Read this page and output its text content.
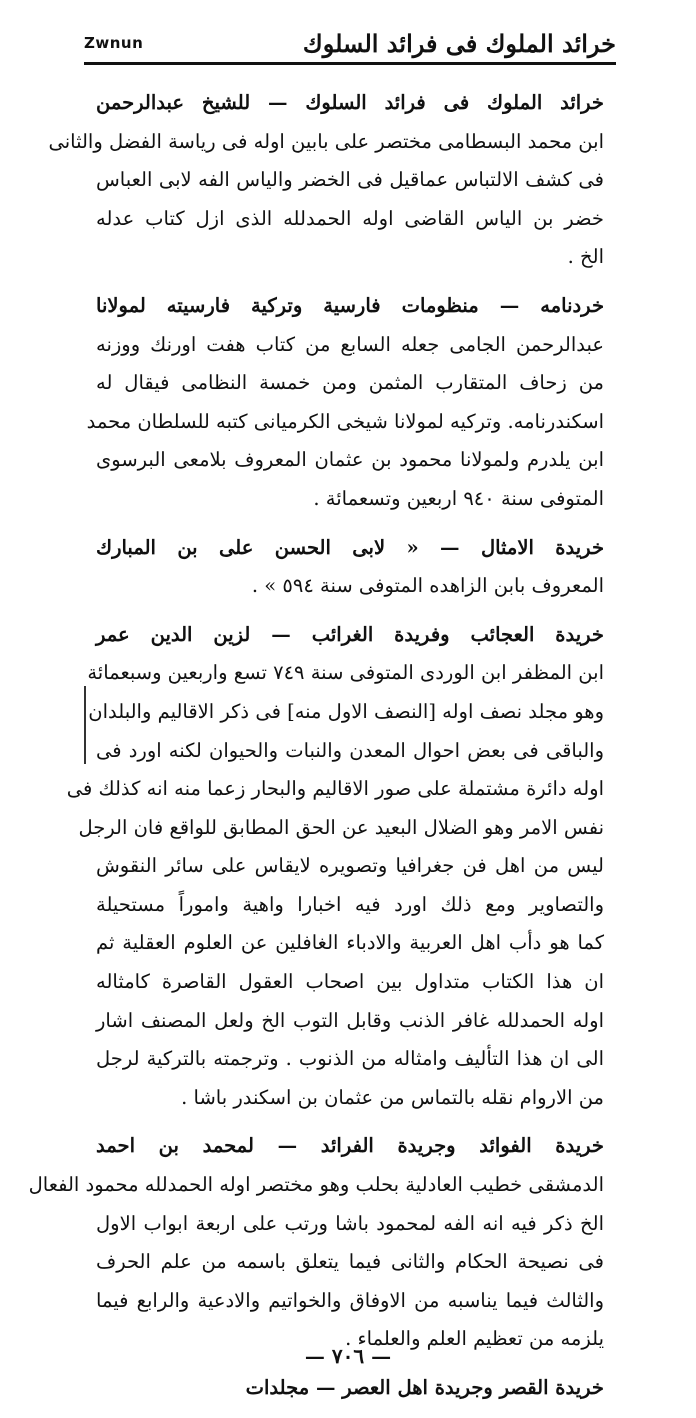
Zwnun	خرائد الملوك فى فرائد السلوك
خرائد الملوك فى فرائد السلوك — للشيخ عبدالرحمن
ابن محمد البسطامى مختصر على بابين اوله فى رياسة الفضل والثانى
فى كشف الالتباس عماقيل فى الخضر والياس الفه لابى العباس
خضر بن الياس القاضى اوله الحمدلله الذى ازل كتاب عدله
الخ .
خردنامه — منظومات فارسية وتركية فارسيته لمولانا
عبدالرحمن الجامى جعله السابع من كتاب هفت اورنك ووزنه
من زحاف المتقارب المثمن ومن خمسة النظامى فيقال له
اسكندرنامه. وتركيه لمولانا شيخى الكرميانى كتبه للسلطان محمد
ابن يلدرم ولمولانا محمود بن عثمان المعروف بلامعى البرسوى
المتوفى سنة ٩٤٠ اربعين وتسعمائة .
خريدة الامثال — « لابى الحسن على بن المبارك
المعروف بابن الزاهده المتوفى سنة ٥٩٤ » .
خريدة العجائب وفريدة الغرائب — لزين الدين عمر
ابن المظفر ابن الوردى المتوفى سنة ٧٤٩ تسع واربعين وسبعمائة
وهو مجلد نصف اوله [النصف الاول منه] فى ذكر الاقاليم والبلدان
والباقى فى بعض احوال المعدن والنبات والحيوان لكنه اورد فى
اوله دائرة مشتملة على صور الاقاليم والبحار زعما منه انه كذلك فى
نفس الامر وهو الضلال البعيد عن الحق المطابق للواقع فان الرجل
ليس من اهل فن جغرافيا وتصويره لايقاس على سائر النقوش
والتصاوير ومع ذلك اورد فيه اخبارا واهية واموراً مستحيلة
كما هو دأب اهل العربية والادباء الغافلين عن العلوم العقلية ثم
ان هذا الكتاب متداول بين اصحاب العقول القاصرة كامثاله
اوله الحمدلله غافر الذنب وقابل التوب الخ ولعل المصنف اشار
الى ان هذا التأليف وامثاله من الذنوب . وترجمته بالتركية لرجل
من الاروام نقله بالتماس من عثمان بن اسكندر باشا .
خريدة الفوائد وجريدة الفرائد — لمحمد بن احمد
الدمشقى خطيب العادلية بحلب وهو مختصر اوله الحمدلله محمود الفعال
الخ ذكر فيه انه الفه لمحمود باشا ورتب على اربعة ابواب الاول
فى نصيحة الحكام والثانى فيما يتعلق باسمه من علم الحرف
والثالث فيما يناسبه من الاوفاق والخواتيم والادعية والرابع فيما
يلزمه من تعظيم العلم والعلماء .
خريدة القصر وجريدة اهل العصر — مجلدات
— ٧٠٦ —
